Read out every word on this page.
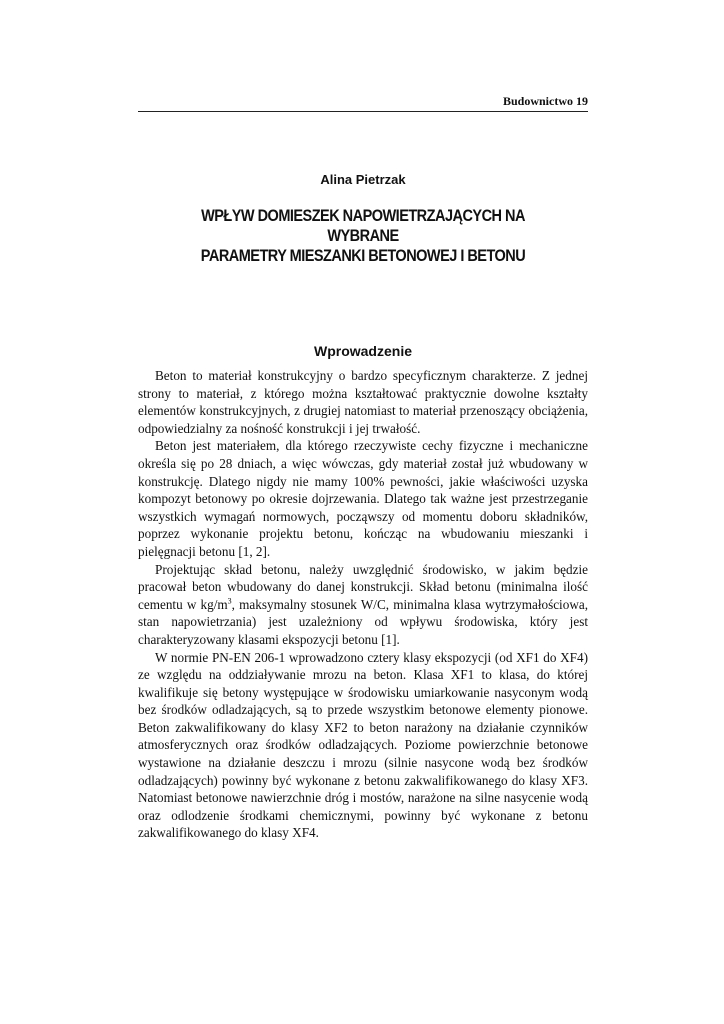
Budownictwo 19
Alina Pietrzak
WPŁYW DOMIESZEK NAPOWIETRZAJĄCYCH NA WYBRANE
PARAMETRY MIESZANKI BETONOWEJ I BETONU
Wprowadzenie

Beton to materiał konstrukcyjny o bardzo specyficznym charakterze. Z jednej strony to materiał, z którego można kształtować praktycznie dowolne kształty elementów konstrukcyjnych, z drugiej natomiast to materiał przenoszący obciążenia, odpowiedzialny za nośność konstrukcji i jej trwałość.

Beton jest materiałem, dla którego rzeczywiste cechy fizyczne i mechaniczne określa się po 28 dniach, a więc wówczas, gdy materiał został już wbudowany w konstrukcję. Dlatego nigdy nie mamy 100% pewności, jakie właściwości uzyska kompozyt betonowy po okresie dojrzewania. Dlatego tak ważne jest przestrzeganie wszystkich wymagań normowych, począwszy od momentu doboru składników, poprzez wykonanie projektu betonu, kończąc na wbudowaniu mieszanki i pielęgnacji betonu [1, 2].

Projektując skład betonu, należy uwzględnić środowisko, w jakim będzie pracował beton wbudowany do danej konstrukcji. Skład betonu (minimalna ilość cementu w $kg/m^3$, maksymalny stosunek W/C, minimalna klasa wytrzymałościowa, stan napowietrzania) jest uzależniony od wpływu środowiska, który jest charakteryzowany klasami ekspozycji betonu [1].

W normie PN-EN 206-1 wprowadzono cztery klasy ekspozycji (od XF1 do XF4) ze względu na oddziaływanie mrozu na beton. Klasa XF1 to klasa, do której kwalifikuje się betony występujące w środowisku umiarkowanie nasyconym wodą bez środków odladzających, są to przede wszystkim betonowe elementy pionowe. Beton zakwalifikowany do klasy XF2 to beton narażony na działanie czynników atmosferycznych oraz środków odladzających. Poziome powierzchnie betonowe wystawione na działanie deszczu i mrozu (silnie nasycone wodą bez środków odladzających) powinny być wykonane z betonu zakwalifikowanego do klasy XF3. Natomiast betonowe nawierzchnie dróg i mostów, narażone na silne nasycenie wodą oraz odlodzenie środkami chemicznymi, powinny być wykonane z betonu zakwalifikowanego do klasy XF4.
